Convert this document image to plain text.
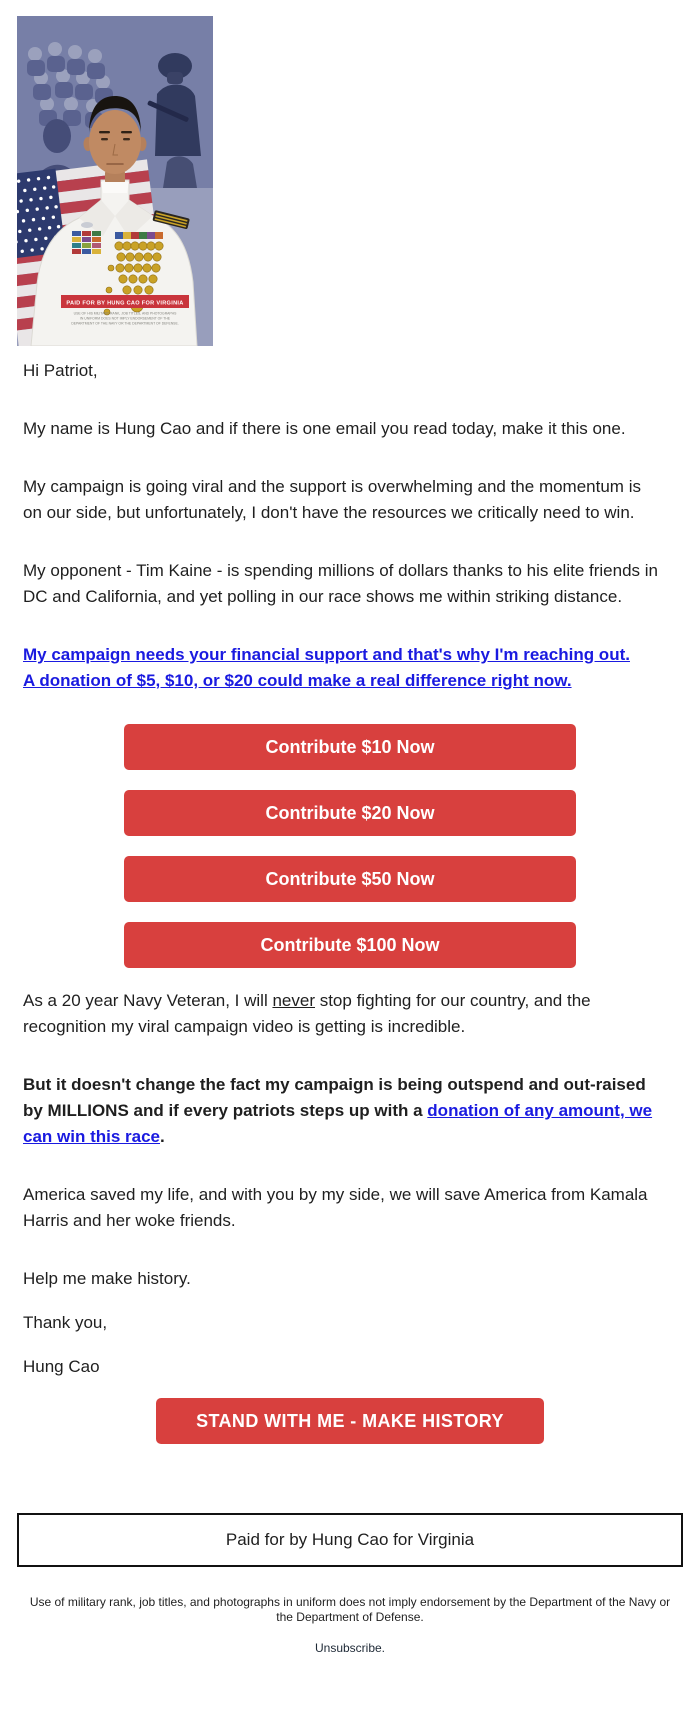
PAID FOR BY HUNG CAO FOR VIRGINIA
USE OF HIS MILITARY RANK, JOB TITLES, AND PHOTOGRAPHS
IN UNIFORM DOES NOT IMPLY ENDORSEMENT OF THE
DEPARTMENT OF THE NAVY OR THE DEPARTMENT OF DEFENSE.

Hi Patriot,

My name is Hung Cao and if there is one email you read today, make it this one.

My campaign is going viral and the support is overwhelming and the momentum is on our side, but unfortunately, I don't have the resources we critically need to win.

My opponent - Tim Kaine - is spending millions of dollars thanks to his elite friends in DC and California, and yet polling in our race shows me within striking distance.

My campaign needs your financial support and that's why I'm reaching out.
A donation of $5, $10, or $20 could make a real difference right now.

Contribute $10 Now
Contribute $20 Now
Contribute $50 Now
Contribute $100 Now

As a 20 year Navy Veteran, I will never stop fighting for our country, and the recognition my viral campaign video is getting is incredible.

But it doesn't change the fact my campaign is being outspend and out-raised by MILLIONS and if every patriots steps up with a donation of any amount, we can win this race.

America saved my life, and with you by my side, we will save America from Kamala Harris and her woke friends.

Help me make history.

Thank you,

Hung Cao

STAND WITH ME - MAKE HISTORY
Paid for by Hung Cao for Virginia
Use of military rank, job titles, and photographs in uniform does not imply endorsement by the Department of the Navy or the Department of Defense.
Unsubscribe.
